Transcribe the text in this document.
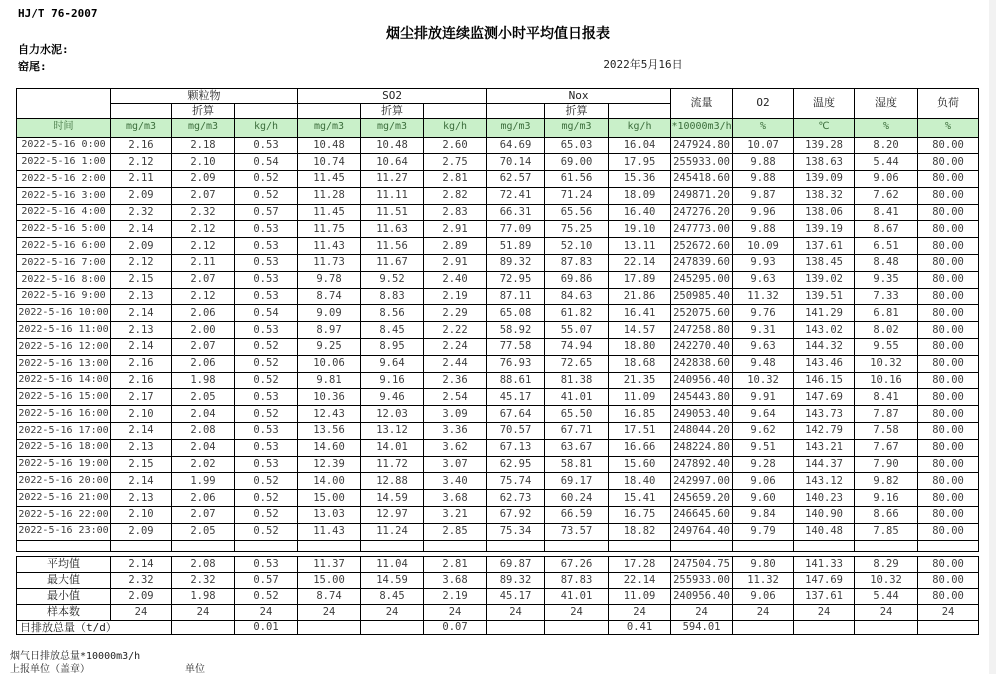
HJ/T 76-2007
烟尘排放连续监测小时平均值日报表
自力水泥:
窑尾:	2022年5月16日
	颗粒物			SO2			Nox			流量	O2	温度	湿度	负荷
		折算			折算			折算						
时间	mg/m3	mg/m3	kg/h	mg/m3	mg/m3	kg/h	mg/m3	mg/m3	kg/h	*10000m3/h	%	℃	%	%
2022-5-16 0:00	2.16	2.18	0.53	10.48	10.48	2.60	64.69	65.03	16.04	247924.80	10.07	139.28	8.20	80.00
2022-5-16 1:00	2.12	2.10	0.54	10.74	10.64	2.75	70.14	69.00	17.95	255933.00	9.88	138.63	5.44	80.00
2022-5-16 2:00	2.11	2.09	0.52	11.45	11.27	2.81	62.57	61.56	15.36	245418.60	9.88	139.09	9.06	80.00
2022-5-16 3:00	2.09	2.07	0.52	11.28	11.11	2.82	72.41	71.24	18.09	249871.20	9.87	138.32	7.62	80.00
2022-5-16 4:00	2.32	2.32	0.57	11.45	11.51	2.83	66.31	65.56	16.40	247276.20	9.96	138.06	8.41	80.00
2022-5-16 5:00	2.14	2.12	0.53	11.75	11.63	2.91	77.09	75.25	19.10	247773.00	9.88	139.19	8.67	80.00
2022-5-16 6:00	2.09	2.12	0.53	11.43	11.56	2.89	51.89	52.10	13.11	252672.60	10.09	137.61	6.51	80.00
2022-5-16 7:00	2.12	2.11	0.53	11.73	11.67	2.91	89.32	87.83	22.14	247839.60	9.93	138.45	8.48	80.00
2022-5-16 8:00	2.15	2.07	0.53	9.78	9.52	2.40	72.95	69.86	17.89	245295.00	9.63	139.02	9.35	80.00
2022-5-16 9:00	2.13	2.12	0.53	8.74	8.83	2.19	87.11	84.63	21.86	250985.40	11.32	139.51	7.33	80.00
2022-5-16 10:00	2.14	2.06	0.54	9.09	8.56	2.29	65.08	61.82	16.41	252075.60	9.76	141.29	6.81	80.00
2022-5-16 11:00	2.13	2.00	0.53	8.97	8.45	2.22	58.92	55.07	14.57	247258.80	9.31	143.02	8.02	80.00
2022-5-16 12:00	2.14	2.07	0.52	9.25	8.95	2.24	77.58	74.94	18.80	242270.40	9.63	144.32	9.55	80.00
2022-5-16 13:00	2.16	2.06	0.52	10.06	9.64	2.44	76.93	72.65	18.68	242838.60	9.48	143.46	10.32	80.00
2022-5-16 14:00	2.16	1.98	0.52	9.81	9.16	2.36	88.61	81.38	21.35	240956.40	10.32	146.15	10.16	80.00
2022-5-16 15:00	2.17	2.05	0.53	10.36	9.46	2.54	45.17	41.01	11.09	245443.80	9.91	147.69	8.41	80.00
2022-5-16 16:00	2.10	2.04	0.52	12.43	12.03	3.09	67.64	65.50	16.85	249053.40	9.64	143.73	7.87	80.00
2022-5-16 17:00	2.14	2.08	0.53	13.56	13.12	3.36	70.57	67.71	17.51	248044.20	9.62	142.79	7.58	80.00
2022-5-16 18:00	2.13	2.04	0.53	14.60	14.01	3.62	67.13	63.67	16.66	248224.80	9.51	143.21	7.67	80.00
2022-5-16 19:00	2.15	2.02	0.53	12.39	11.72	3.07	62.95	58.81	15.60	247892.40	9.28	144.37	7.90	80.00
2022-5-16 20:00	2.14	1.99	0.52	14.00	12.88	3.40	75.74	69.17	18.40	242997.00	9.06	143.12	9.82	80.00
2022-5-16 21:00	2.13	2.06	0.52	15.00	14.59	3.68	62.73	60.24	15.41	245659.20	9.60	140.23	9.16	80.00
2022-5-16 22:00	2.10	2.07	0.52	13.03	12.97	3.21	67.92	66.59	16.75	246645.60	9.84	140.90	8.66	80.00
2022-5-16 23:00	2.09	2.05	0.52	11.43	11.24	2.85	75.34	73.57	18.82	249764.40	9.79	140.48	7.85	80.00

平均值	2.14	2.08	0.53	11.37	11.04	2.81	69.87	67.26	17.28	247504.75	9.80	141.33	8.29	80.00
最大值	2.32	2.32	0.57	15.00	14.59	3.68	89.32	87.83	22.14	255933.00	11.32	147.69	10.32	80.00
最小值	2.09	1.98	0.52	8.74	8.45	2.19	45.17	41.01	11.09	240956.40	9.06	137.61	5.44	80.00
样本数	24	24	24	24	24	24	24	24	24	24	24	24	24	24
日排放总量（t/d）			0.01			0.07			0.41	594.01				
烟气日排放总量*10000m3/h
上报单位（盖章）	单位
